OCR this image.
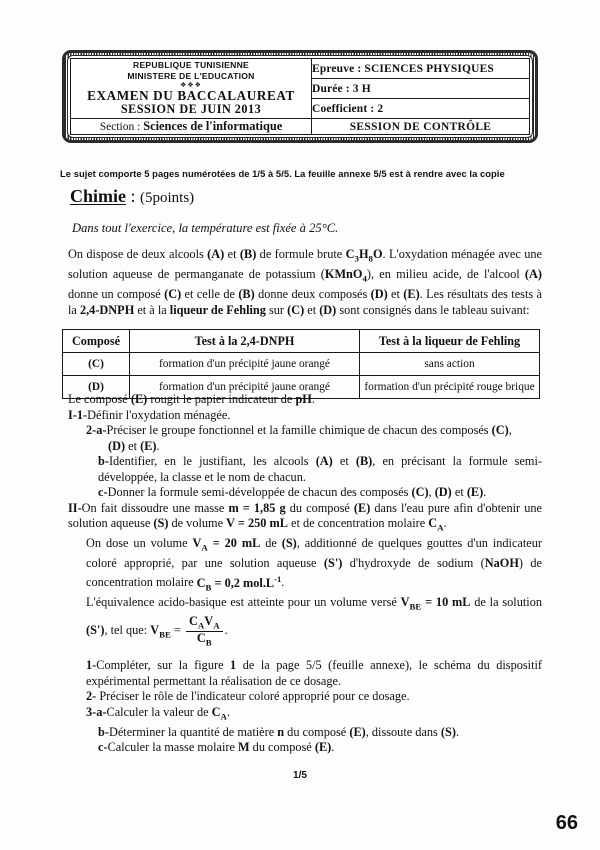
REPUBLIQUE TUNISIENNE
MINISTERE DE L'EDUCATION
❖❖❖
EXAMEN DU BACCALAUREAT
SESSION DE JUIN 2013	Epreuve : SCIENCES PHYSIQUES
	Durée : 3 H
	Coefficient : 2
Section : Sciences de l'informatique	SESSION DE CONTRÔLE
Le sujet comporte 5 pages numérotées de 1/5 à 5/5. La feuille annexe 5/5 est à rendre avec la copie
Chimie : (5points)
Dans tout l'exercice, la température est fixée à 25°C.
On dispose de deux alcools (A) et (B) de formule brute $C_3H_8O$. L'oxydation ménagée avec une solution aqueuse de permanganate de potassium (KMnO$_4$), en milieu acide, de l'alcool (A) donne un composé (C) et celle de (B) donne deux composés (D) et (E). Les résultats des tests à la 2,4-DNPH et à la liqueur de Fehling sur (C) et (D) sont consignés dans le tableau suivant:
Composé	Test à la 2,4-DNPH	Test à la liqueur de Fehling
(C)	formation d'un précipité jaune orangé	sans action
(D)	formation d'un précipité jaune orangé	formation d'un précipité rouge brique
Le composé (E) rougit le papier indicateur de pH.
I-1-Définir l'oxydation ménagée.
2-a-Préciser le groupe fonctionnel et la famille chimique de chacun des composés (C),
(D) et (E).
b-Identifier, en le justifiant, les alcools (A) et (B), en précisant la formule semi-développée, la classe et le nom de chacun.
c-Donner la formule semi-développée de chacun des composés (C), (D) et (E).
II-On fait dissoudre une masse m = 1,85 g du composé (E) dans l'eau pure afin d'obtenir une solution aqueuse (S) de volume V = 250 mL et de concentration molaire $C_A$.
On dose un volume $V_A = 20$ mL de (S), additionné de quelques gouttes d'un indicateur coloré approprié, par une solution aqueuse (S') d'hydroxyde de sodium (NaOH) de concentration molaire $C_B = 0,2$ $mol.L^{-1}$.
L'équivalence acido-basique est atteinte pour un volume versé $V_{BE} = 10$ mL de la solution (S'), tel que: $V_{BE} = \frac{C_AV_A}{C_B}$ .
1-Compléter, sur la figure 1 de la page 5/5 (feuille annexe), le schéma du dispositif expérimental permettant la réalisation de ce dosage.
2- Préciser le rôle de l'indicateur coloré approprié pour ce dosage.
3-a-Calculer la valeur de $C_A$.
b-Déterminer la quantité de matière n du composé (E), dissoute dans (S).
c-Calculer la masse molaire M du composé (E).
1/5
66
